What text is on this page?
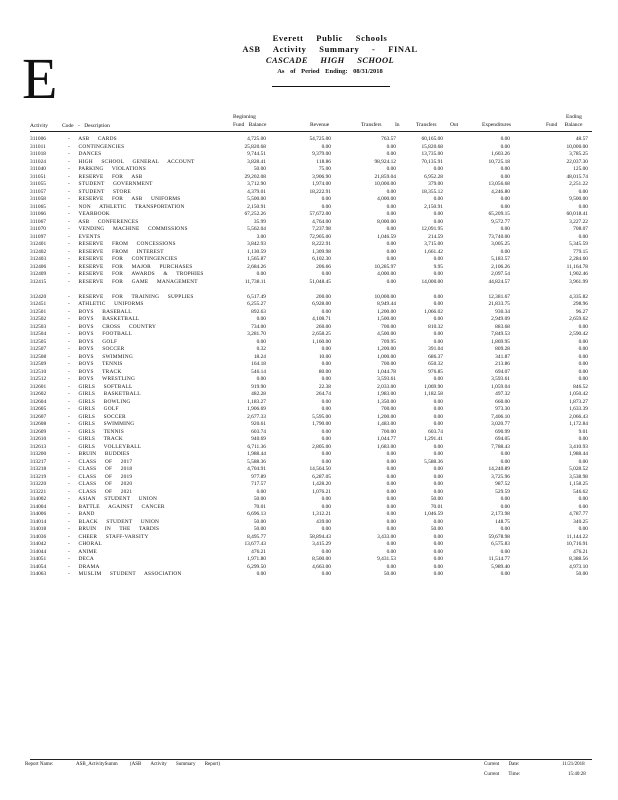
E
Everett Public Schools
ASB Activity Summary - FINAL
CASCADE HIGH SCHOOL
As of Period Ending: 08/31/2018
Activity	Code - Description
Beginning
Fund Balance	Revenue	Transfers In	Transfers Out	Expenditures
Ending
Fund Balance
311006	- ASB CARDS	4,725.00	54,725.00	763.57	60,165.00	0.00	48.57
311011	- CONTINGENCIES	25,820.68	0.00	0.00	15,820.68	0.00	10,000.00
311018	- DANCES	9,744.51	9,379.00	0.00	13,735.00	1,603.26	3,785.25
311024	- HIGH SCHOOL GENERAL ACCOUNT	3,828.41	118.86	98,924.12	70,135.91	10,725.18	22,037.30
311040	- PARKING VIOLATIONS	50.00	75.00	0.00	0.00	0.00	125.00
311051	- RESERVE FOR ASB	29,202.08	3,906.90	21,859.04	6,952.28	0.00	48,015.74
311055	- STUDENT GOVERNMENT	3,712.90	1,974.00	10,000.00	379.00	13,056.68	2,251.22
311057	- STUDENT STORE	4,379.01	18,222.91	0.00	18,355.12	4,246.80	0.00
311058	- RESERVE FOR ASB UNIFORMS	5,500.00	0.00	4,000.00	0.00	0.00	9,500.00
311065	- NON ATHLETIC TRANSPORTATION	2,150.91	0.00	0.00	2,150.91	0.00	0.00
311066	- YEARBOOK	67,252.26	57,672.00	0.00	0.00	65,209.15	60,018.41
311067	- ASB CONFERENCES	35.99	4,764.00	8,000.00	0.00	9,572.77	3,227.22
311070	- VENDING MACHINE COMMISSIONS	5,562.04	7,237.98	0.00	12,091.95	0.00	708.07
311097	- EVENTS	3.00	72,905.00	1,046.59	214.59	73,740.00	0.00
312401	- RESERVE FROM CONCESSIONS	3,842.93	8,222.91	0.00	3,715.00	3,005.25	5,345.59
312402	- RESERVE FROM INTEREST	1,130.59	1,309.98	0.00	1,661.42	0.00	779.15
312403	- RESERVE FOR CONTINGENCIES	1,565.87	6,102.30	0.00	0.00	5,183.57	2,284.60
312406	- RESERVE FOR MAJOR PURCHASES	2,684.26	206.66	10,285.97	9.95	2,106.26	11,164.78
312409	- RESERVE FOR AWARDS & TROPHIES	0.00	0.00	4,000.00	0.00	2,097.54	1,902.46
312415	- RESERVE FOR GAME MANAGEMENT	11,738.11	51,048.45	0.00	14,000.00	44,824.57	3,961.99
312420	- RESERVE FOR TRAINING SUPPLIES	6,517.49	200.00	10,000.00	0.00	12,381.67	4,335.82
312451	- ATHLETIC UNIFORMS	6,255.27	6,928.00	8,949.44	0.00	21,833.75	298.96
312501	- BOYS BASEBALL	892.63	0.00	1,200.00	1,066.02	930.34	96.27
312502	- BOYS BASKETBALL	0.00	4,108.71	1,500.00	0.00	2,949.09	2,659.62
312503	- BOYS CROSS COUNTRY	734.00	260.00	700.00	810.32	883.68	0.00
312504	- BOYS FOOTBALL	3,281.70	2,658.25	4,500.00	0.00	7,849.53	2,590.42
312505	- BOYS GOLF	0.00	1,160.00	709.95	0.00	1,869.95	0.00
312507	- BOYS SOCCER	0.32	0.00	1,200.00	391.04	809.28	0.00
312508	- BOYS SWIMMING	18.24	10.00	1,000.00	686.37	341.87	0.00
312509	- BOYS TENNIS	164.18	0.00	700.00	650.32	213.86	0.00
312510	- BOYS TRACK	546.14	80.00	1,044.78	976.85	694.07	0.00
312512	- BOYS WRESTLING	0.00	0.00	3,593.61	0.00	3,593.61	0.00
312601	- GIRLS SOFTBALL	919.90	22.38	2,033.00	1,069.90	1,059.04	846.52
312602	- GIRLS BASKETBALL	482.28	264.74	1,983.00	1,182.58	497.32	1,050.42
312604	- GIRLS BOWLING	1,183.27	0.00	1,350.00	0.00	660.00	1,873.27
312605	- GIRLS GOLF	1,906.69	0.00	700.00	0.00	973.30	1,633.39
312607	- GIRLS SOCCER	2,677.33	5,595.00	1,200.00	0.00	7,406.10	2,066.43
312608	- GIRLS SWIMMING	920.61	1,790.00	1,483.00	0.00	3,020.77	1,172.84
312609	- GIRLS TENNIS	603.74	0.00	700.00	603.74	690.99	9.01
312610	- GIRLS TRACK	940.69	0.00	1,044.77	1,291.41	694.05	0.00
312613	- GIRLS VOLLEYBALL	6,711.36	2,805.00	1,683.00	0.00	7,788.43	3,410.93
313200	- BRUIN BUDDIES	1,988.44	0.00	0.00	0.00	0.00	1,988.44
313217	- CLASS OF 2017	5,588.36	0.00	0.00	5,588.36	0.00	0.00
313218	- CLASS OF 2018	4,704.91	14,564.50	0.00	0.00	14,240.89	5,028.52
313219	- CLASS OF 2019	977.89	6,287.05	0.00	0.00	3,725.96	3,538.98
313220	- CLASS OF 2020	717.57	1,428.20	0.00	0.00	987.52	1,158.25
313221	- CLASS OF 2021	0.00	1,076.21	0.00	0.00	529.59	546.62
314002	- ASIAN STUDENT UNION	50.00	0.00	0.00	50.00	0.00	0.00
314004	- BATTLE AGAINST CANCER	70.01	0.00	0.00	70.01	0.00	0.00
314006	- BAND	6,696.13	1,312.21	0.00	1,046.59	2,173.98	4,787.77
314014	- BLACK STUDENT UNION	50.00	439.00	0.00	0.00	148.75	340.25
314018	- BRUIN IN THE TARDIS	50.00	0.00	0.00	50.00	0.00	0.00
314036	- CHEER STAFF-VARSITY	8,495.77	58,894.43	3,433.00	0.00	59,678.98	11,144.22
314042	- CHORAL	13,677.43	3,415.29	0.00	0.00	6,575.83	10,716.91
314044	- ANIME	476.21	0.00	0.00	0.00	0.00	476.21
314051	- DECA	1,971.80	8,500.00	9,431.53	0.00	11,514.77	8,388.56
314054	- DRAMA	6,299.50	4,663.00	0.00	0.00	5,989.40	4,973.10
314063	- MUSLIM STUDENT ASSOCIATION	0.00	0.00	50.00	0.00	0.00	50.00
Report Name:	ASB_ActivitySumm (ASB Activity Summary Report)	Current Date:	11/21/2018
Current Time:	15:40:28
